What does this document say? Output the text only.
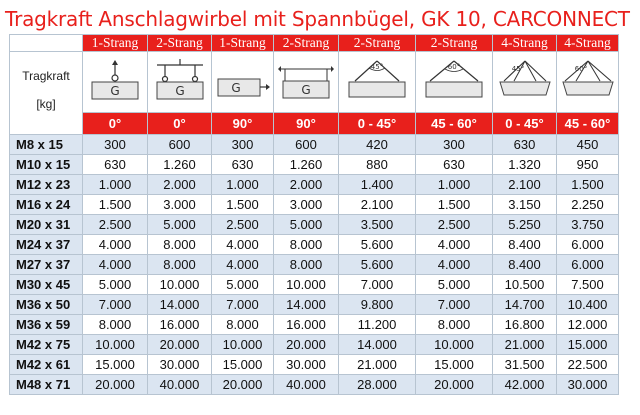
Tragkraft Anschlagwirbel mit Spannbügel, GK 10, CARCONNECT
	1-Strang	2-Strang	1-Strang	2-Strang	2-Strang	2-Strang	4-Strang	4-Strang

Tragkraft
[kg]	G	G	G	G	45°	60°	45°	60°

	0°	0°	90°	90°	0 - 45°	45 - 60°	0 - 45°	45 - 60°
M8 x 15	300	600	300	600	420	300	630	450
M10 x 15	630	1.260	630	1.260	880	630	1.320	950
M12 x 23	1.000	2.000	1.000	2.000	1.400	1.000	2.100	1.500
M16 x 24	1.500	3.000	1.500	3.000	2.100	1.500	3.150	2.250
M20 x 31	2.500	5.000	2.500	5.000	3.500	2.500	5.250	3.750
M24 x 37	4.000	8.000	4.000	8.000	5.600	4.000	8.400	6.000
M27 x 37	4.000	8.000	4.000	8.000	5.600	4.000	8.400	6.000
M30 x 45	5.000	10.000	5.000	10.000	7.000	5.000	10.500	7.500
M36 x 50	7.000	14.000	7.000	14.000	9.800	7.000	14.700	10.400
M36 x 59	8.000	16.000	8.000	16.000	11.200	8.000	16.800	12.000
M42 x 75	10.000	20.000	10.000	20.000	14.000	10.000	21.000	15.000
M42 x 61	15.000	30.000	15.000	30.000	21.000	15.000	31.500	22.500
M48 x 71	20.000	40.000	20.000	40.000	28.000	20.000	42.000	30.000
